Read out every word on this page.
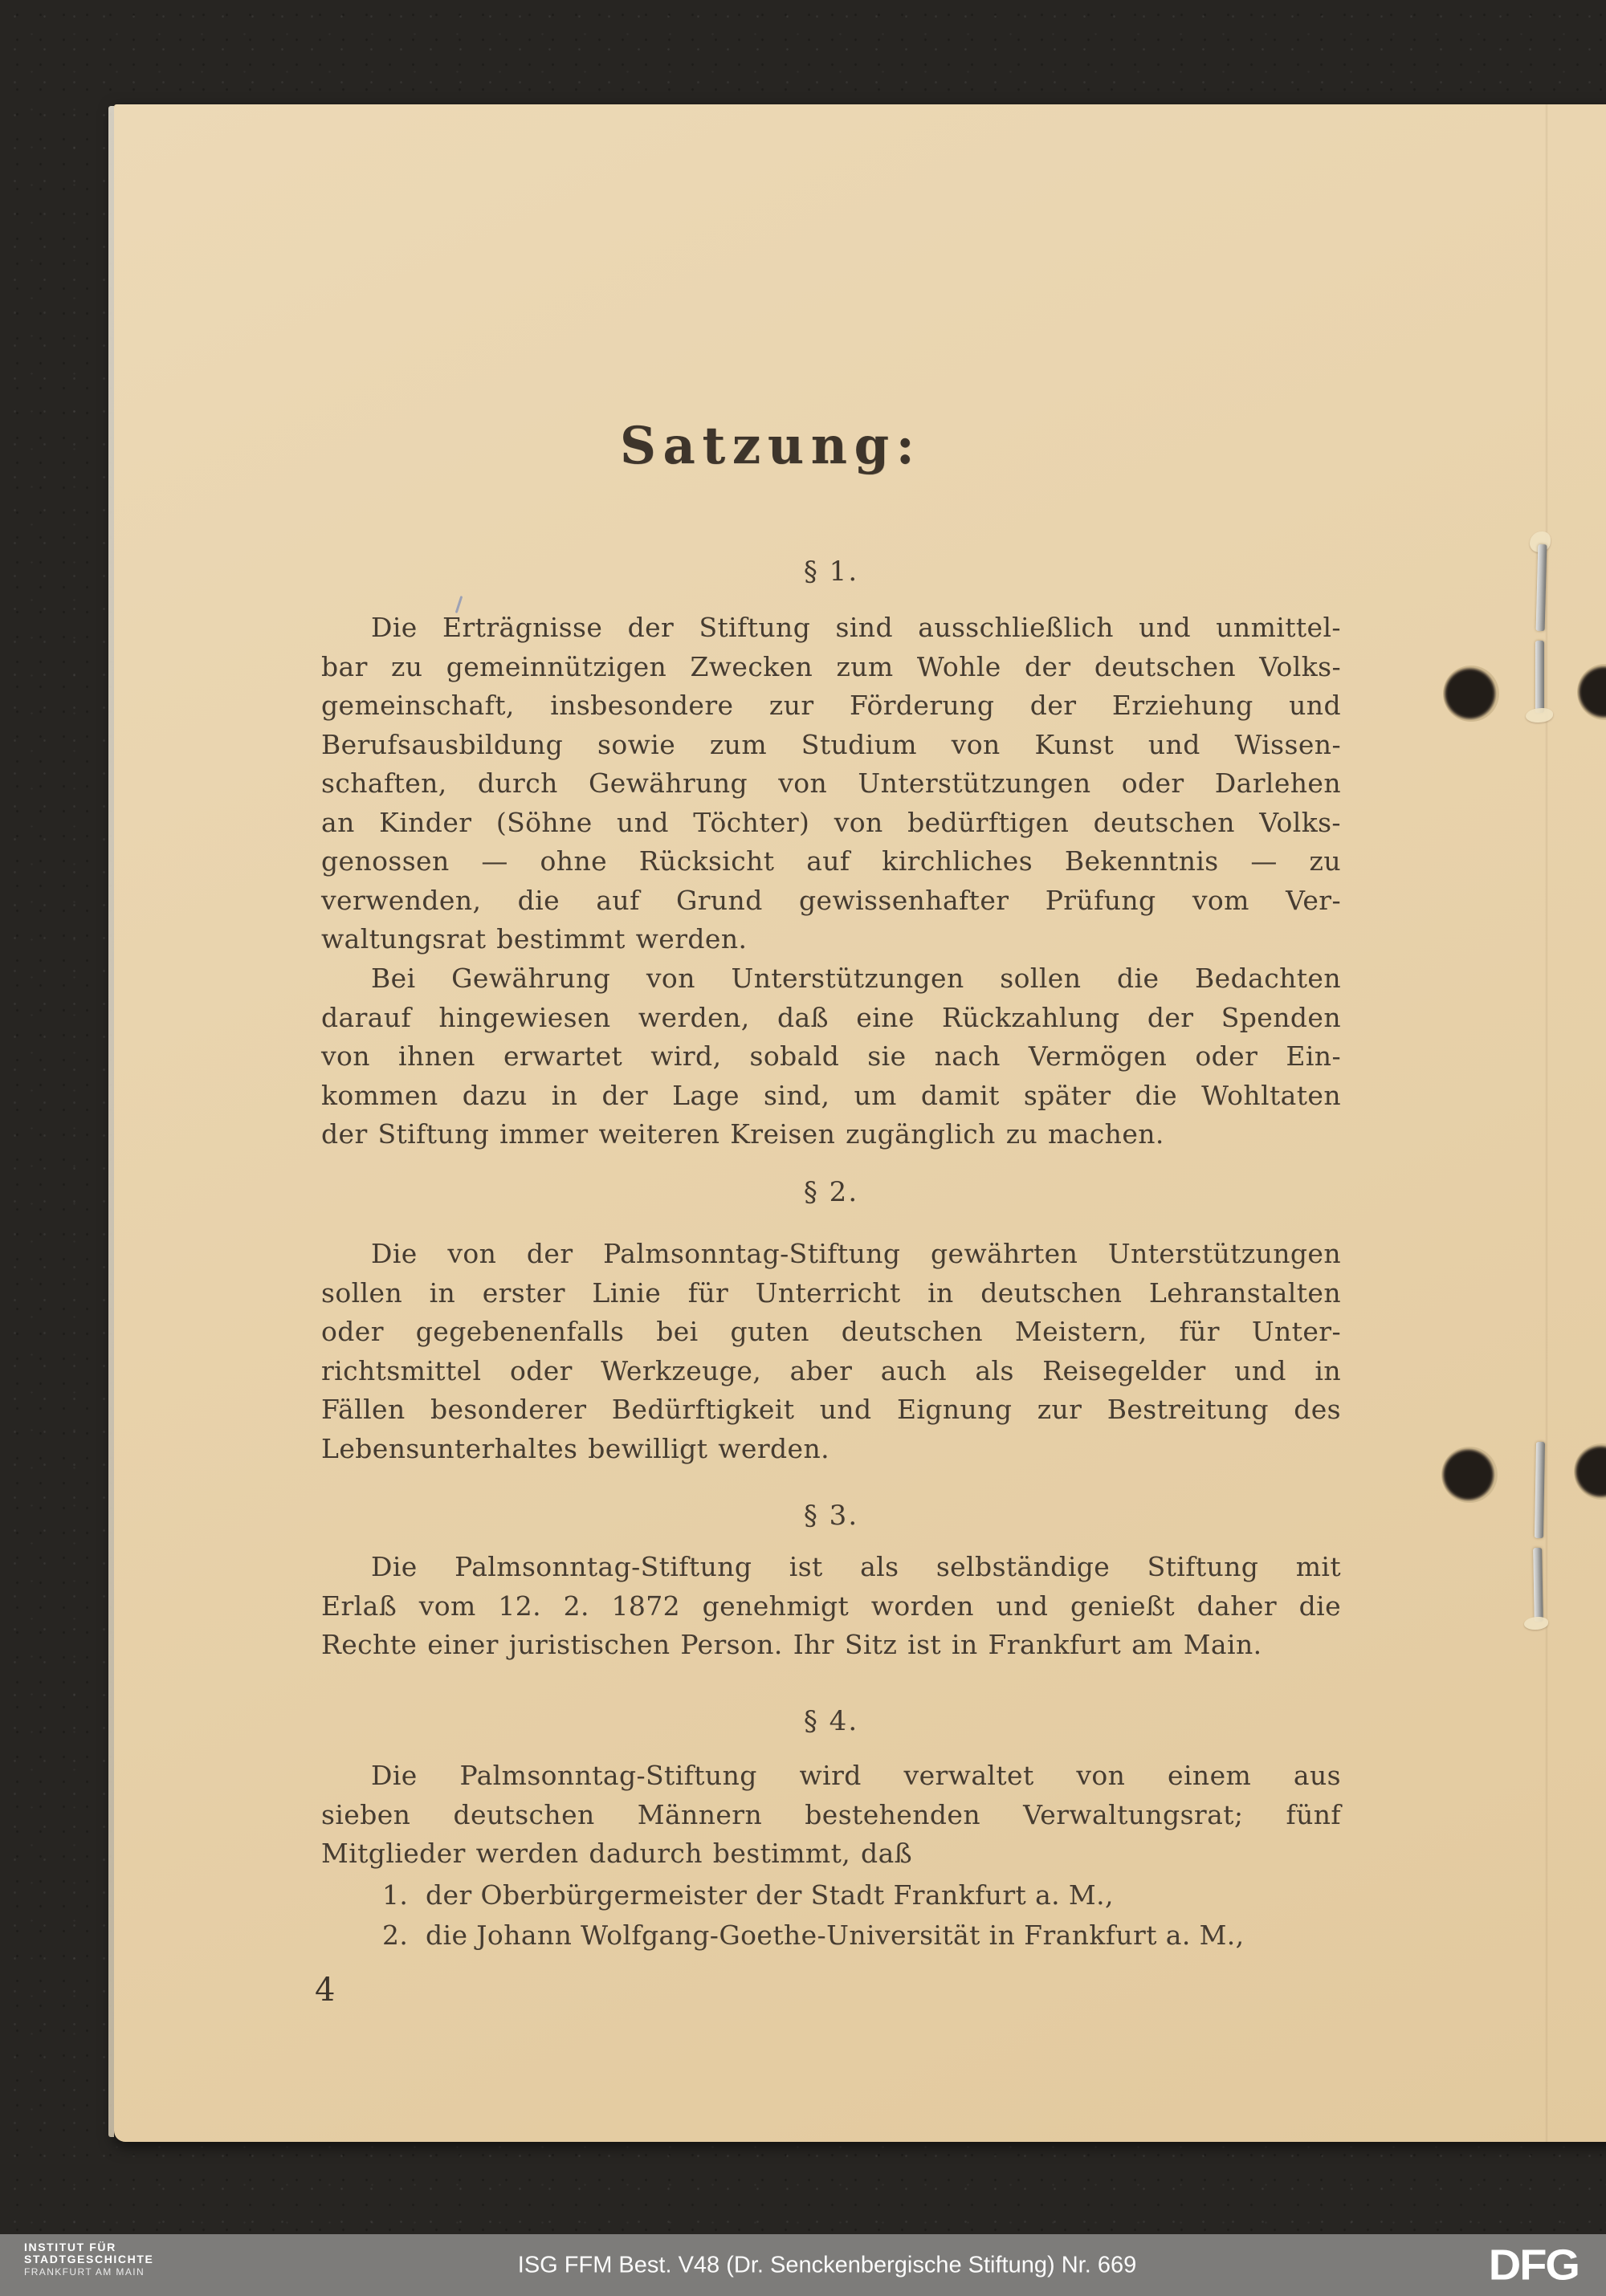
Satzung:
§ 1.
Die Erträgnisse der Stiftung sind ausschließlich und unmittel-
bar zu gemeinnützigen Zwecken zum Wohle der deutschen Volks-
gemeinschaft, insbesondere zur Förderung der Erziehung und
Berufsausbildung sowie zum Studium von Kunst und Wissen-
schaften, durch Gewährung von Unterstützungen oder Darlehen
an Kinder (Söhne und Töchter) von bedürftigen deutschen Volks-
genossen — ohne Rücksicht auf kirchliches Bekenntnis — zu
verwenden, die auf Grund gewissenhafter Prüfung vom Ver-
waltungsrat bestimmt werden.
Bei Gewährung von Unterstützungen sollen die Bedachten
darauf hingewiesen werden, daß eine Rückzahlung der Spenden
von ihnen erwartet wird, sobald sie nach Vermögen oder Ein-
kommen dazu in der Lage sind, um damit später die Wohltaten
der Stiftung immer weiteren Kreisen zugänglich zu machen.
§ 2.
Die von der Palmsonntag-Stiftung gewährten Unterstützungen
sollen in erster Linie für Unterricht in deutschen Lehranstalten
oder gegebenenfalls bei guten deutschen Meistern, für Unter-
richtsmittel oder Werkzeuge, aber auch als Reisegelder und in
Fällen besonderer Bedürftigkeit und Eignung zur Bestreitung des
Lebensunterhaltes bewilligt werden.
§ 3.
Die Palmsonntag-Stiftung ist als selbständige Stiftung mit
Erlaß vom 12. 2. 1872 genehmigt worden und genießt daher die
Rechte einer juristischen Person. Ihr Sitz ist in Frankfurt am Main.
§ 4.
Die Palmsonntag-Stiftung wird verwaltet von einem aus
sieben deutschen Männern bestehenden Verwaltungsrat; fünf
Mitglieder werden dadurch bestimmt, daß
1. der Oberbürgermeister der Stadt Frankfurt a. M.,
2. die Johann Wolfgang-Goethe-Universität in Frankfurt a. M.,
4
INSTITUT FÜR
STADTGESCHICHTE
FRANKFURT AM MAIN	ISG FFM Best. V48 (Dr. Senckenbergische Stiftung) Nr. 669	DFG
